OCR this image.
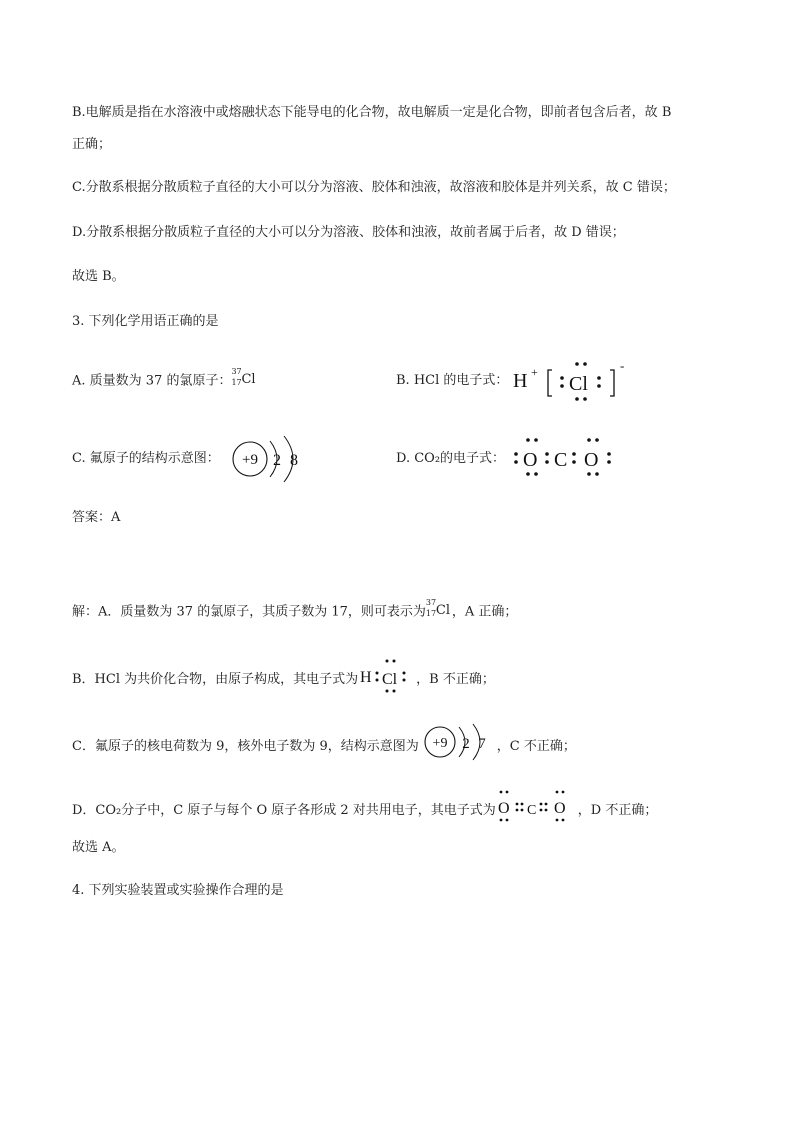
B.电解质是指在水溶液中或熔融状态下能导电的化合物，故电解质一定是化合物，即前者包含后者，故 B
正确；
C.分散系根据分散质粒子直径的大小可以分为溶液、胶体和浊液，故溶液和胶体是并列关系，故 C 错误；
D.分散系根据分散质粒子直径的大小可以分为溶液、胶体和浊液，故前者属于后者，故 D 错误；
故选 B。
3. 下列化学用语正确的是
A. 质量数为 37 的氯原子：
37
17 Cl	B. HCl 的电子式： H +
Cl
-
C. 氟原子的结构示意图： +9 2 8	D. CO₂的电子式： O C O
答案：A
解：A．质量数为 37 的氯原子，其质子数为 17，则可表示为
37
17 Cl ，A 正确；
B．HCl 为共价化合物，由原子构成，其电子式为 H Cl ，B 不正确；
C．氟原子的核电荷数为 9，核外电子数为 9，结构示意图为 +9 2 7 ，C 不正确；
D．CO₂分子中，C 原子与每个 O 原子各形成 2 对共用电子，其电子式为 O C O ，D 不正确；
故选 A。
4. 下列实验装置或实验操作合理的是
